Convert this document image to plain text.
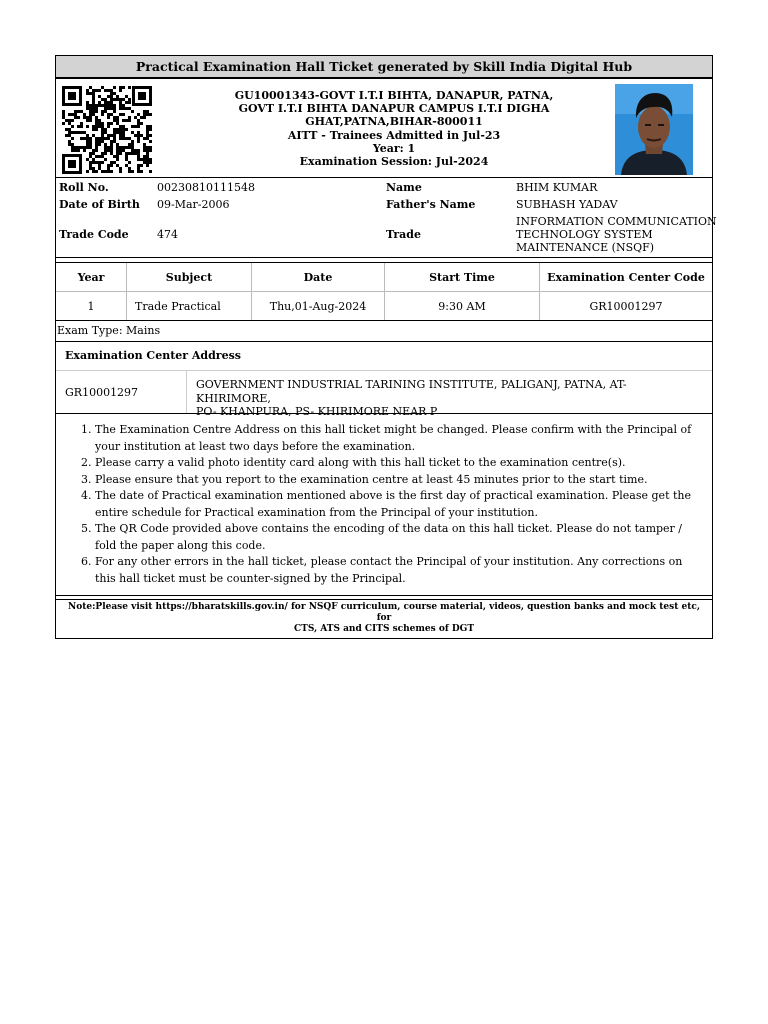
Practical Examination Hall Ticket generated by Skill India Digital Hub
GU10001343-GOVT I.T.I BIHTA, DANAPUR, PATNA,
GOVT I.T.I BIHTA DANAPUR CAMPUS I.T.I DIGHA
GHAT,PATNA,BIHAR-800011
AITT - Trainees Admitted in Jul-23
Year: 1
Examination Session: Jul-2024
Roll No.	00230810111548	Name	BHIM KUMAR
Date of Birth 09-Mar-2006	Father's Name	SUBHASH YADAV
Trade Code	474	Trade
INFORMATION COMMUNICATION
TECHNOLOGY SYSTEM
MAINTENANCE (NSQF)
Year	Subject	Date	Start Time	Examination Center Code
1	Trade Practical	Thu,01-Aug-2024	9:30 AM	GR10001297
Exam Type: Mains
Examination Center Address
GR10001297
GOVERNMENT INDUSTRIAL TARINING INSTITUTE, PALIGANJ, PATNA, AT- KHIRIMORE,
PO- KHANPURA, PS- KHIRIMORE NEAR P
1. The Examination Centre Address on this hall ticket might be changed. Please confirm with the Principal of your institution at least two days before the examination.
2. Please carry a valid photo identity card along with this hall ticket to the examination centre(s).
3. Please ensure that you report to the examination centre at least 45 minutes prior to the start time.
4. The date of Practical examination mentioned above is the first day of practical examination. Please get the entire schedule for Practical examination from the Principal of your institution.
5. The QR Code provided above contains the encoding of the data on this hall ticket. Please do not tamper / fold the paper along this code.
6. For any other errors in the hall ticket, please contact the Principal of your institution. Any corrections on this hall ticket must be counter-signed by the Principal.
Note:Please visit https://bharatskills.gov.in/ for NSQF curriculum, course material, videos, question banks and mock test etc, for
CTS, ATS and CITS schemes of DGT
